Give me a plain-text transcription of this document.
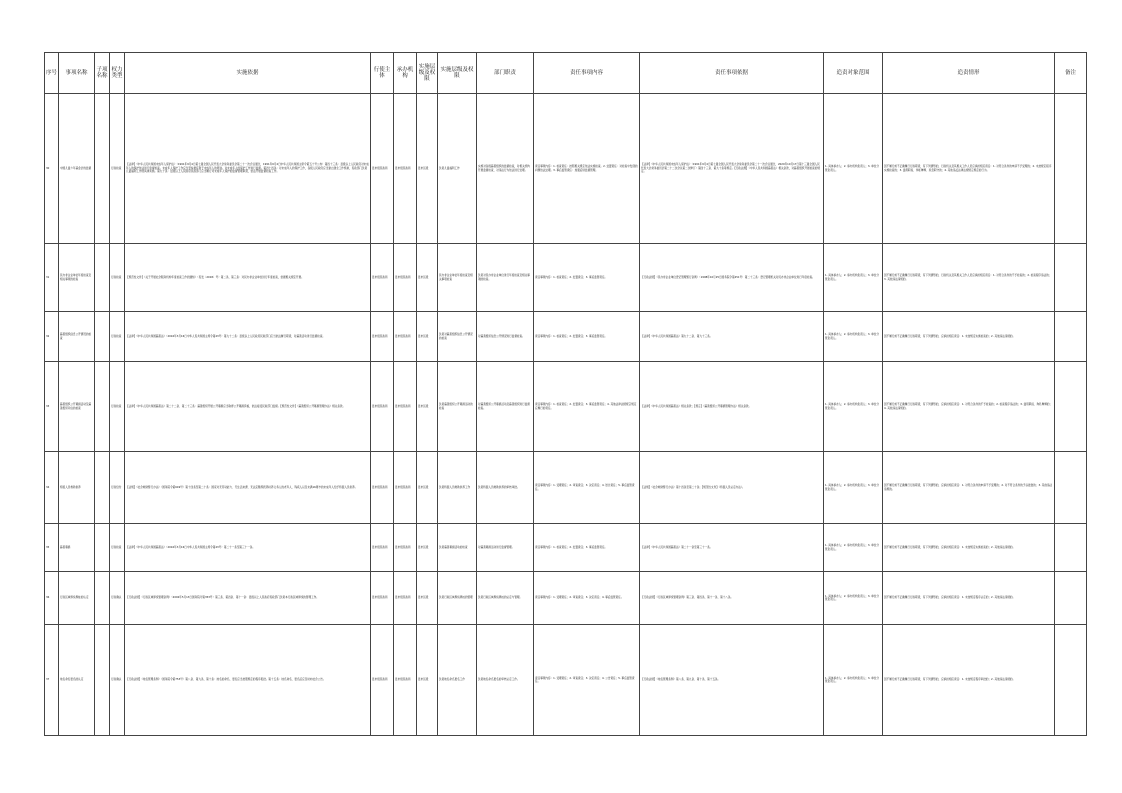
序号	事项名称	子项名称	权力类型	实施依据	行使主体	承办机构	实施层级及权限	实施层级及权限	部门职责	责任事项内容	责任事项依据	追责对象范围	追责情形	备注
30	中国儿童少年基金会的监督		行政检查	【法律】《中华人民共和国未成年人保护法》（1991年9月4日第七届全国人民代表大会常务委员会第二十一次会议通过，1991年9月4日中华人民共和国主席令第五十号公布）第四十三条：县级以上人民政府对未成年人的保护依法进行监督检查。未成年人保护工作应当坚持最有利于未成年人的原则。对未成年人的保护工作进行监督。第四十四条：对未成年人的保护工作，各级人民政府应当建立健全工作机制，民政部门负责儿童福利工作的具体实施。第九十条：县级以上人民政府民政部门应当履行对未成年人保护的监督管理职责，依法开展监督检查工作。	县市级民政局	县市级民政局	县市区级	负责儿童福利工作	实施对各级慈善组织的监督检查，对相关机构开展监督检查，对违法行为依法进行处理。	责任事项内容：1. 检查责任：按照相关规定依法实施检查。2. 处置责任：对检查中发现的问题依法处理。3. 事后监管责任：加强后续监督管理。	【法律】《中华人民共和国未成年人保护法》（1991年9月4日第七届全国人民代表大会常务委员会第二十一次会议通过，2020年10月17日第十三届全国人民代表大会常务委员会第二十二次会议第二次修订）第四十三条、第九十条等规定。【行政法规】《中华人民共和国慈善法》相关条款，对慈善组织开展检查的规定。	1. 具体承办人；2. 承办机构负责人；3. 单位分管负责人。	因不履行或不正确履行行政职责，有下列情形的，行政机关及其相关工作人员应承担相应责任：1. 对符合条件的申请不予受理的；2. 未按规定程序实施检查的；3. 滥用职权、徇私舞弊、玩忽职守的；4. 其他违反法律法规规章规定的行为。	
31	民办非企业单位年度检查及相关事项的检查		行政检查	【规范性文件】《关于开展社会服务机构年度检查工作的通知》（民发〔2018〕号）第二条、第三条：对民办非企业单位进行年度检查，依据相关规定开展。	县市级民政局	县市级民政局	县市区级	民办非企业单位年度检查及相关事项检查	负责对民办非企业单位进行年度检查及相关事项的检查。	责任事项内容：1. 检查责任；2. 处置责任；3. 事后监管责任。	【行政法规】《民办非企业单位登记管理暂行条例》（1998年10月25日国务院令第251号）第二十三条：登记管理机关对民办非企业单位进行年度检查。	1. 具体承办人；2. 承办机构负责人；3. 单位分管负责人。	因不履行或不正确履行行政职责，有下列情形的，行政机关及其相关工作人员应承担相应责任：1. 对符合条件的不予检查的；2. 检查程序违法的；3. 其他违法违规的。	
32	慈善组织信息公开情况的检查		行政检查	【法律】《中华人民共和国慈善法》（2016年3月16日中华人民共和国主席令第43号）第九十二条：县级以上人民政府民政部门应当依法履行职责，对慈善活动进行监督检查。	县市级民政局	县市级民政局	县市区级	负责对慈善组织信息公开情况的检查	对慈善组织信息公开情况进行监督检查。	责任事项内容：1. 检查责任；2. 处置责任；3. 事后监管责任。	【法律】《中华人民共和国慈善法》第九十二条、第九十三条。	1. 具体承办人；2. 承办机构负责人；3. 单位分管负责人。	因不履行或不正确履行行政职责，有下列情形的，应承担相应责任：1. 未按规定实施检查的；2. 其他违法违规的。	
33	慈善组织公开募捐活动及慈善组织评估的检查		行政检查	【法律】《中华人民共和国慈善法》第二十二条、第二十三条：慈善组织开展公开募捐应当取得公开募捐资格，依法接受民政部门监督。【规范性文件】《慈善组织公开募捐管理办法》相关条款。	县市级民政局	县市级民政局	县市区级	负责慈善组织公开募捐活动的检查	对慈善组织公开募捐活动及慈善组织进行监督检查。	责任事项内容：1. 检查责任；2. 处置责任；3. 事后监管责任；4. 其他法律法规规章规定应履行的责任。	【法律】《中华人民共和国慈善法》相关条款；【规章】《慈善组织公开募捐管理办法》相关条款。	1. 具体承办人；2. 承办机构负责人；3. 单位分管负责人。	因不履行或不正确履行行政职责，有下列情形的，应承担相应责任：1. 对符合条件的不予检查的；2. 检查程序违法的；3. 滥用职权、徇私舞弊的；4. 其他违法违规的。	
34	特困人员救助供养		行政给付	【法规】《社会救助暂行办法》（国务院令第649号）第十四条至第二十条：国家对无劳动能力、无生活来源、无法定赡养抚养扶养义务人的老年人、残疾人以及未满16周岁的未成年人给予特困人员供养。	县市级民政局	县市级民政局	县市区级	负责特困人员救助供养工作	负责特困人员救助供养的审核审批。	责任事项内容：1. 受理责任；2. 审查责任；3. 决定责任；4. 送达责任；5. 事后监管责任。	【法规】《社会救助暂行办法》第十四条至第二十条；【规范性文件】《特困人员认定办法》。	1. 具体承办人；2. 承办机构负责人；3. 单位分管负责人。	因不履行或不正确履行行政职责，有下列情形的，应承担相应责任：1. 对符合条件的申请不予受理的；2. 对不符合条件的予以批准的；3. 其他违法违规的。	
35	慈善募捐		行政检查	【法律】《中华人民共和国慈善法》（2016年3月16日中华人民共和国主席令第43号）第二十一条至第三十一条。	县市级民政局	县市级民政局	县市区级	负责慈善募捐活动的检查	对慈善募捐活动进行监督管理。	责任事项内容：1. 检查责任；2. 处置责任；3. 事后监管责任。	【法律】《中华人民共和国慈善法》第二十一条至第三十一条。	1. 具体承办人；2. 承办机构负责人；3. 单位分管负责人。	因不履行或不正确履行行政职责，有下列情形的，应承担相应责任：1. 未按规定实施检查的；2. 其他违法违规的。	
36	行政区域界线界桩的认定		行政确认	【行政法规】《行政区域界线管理条例》（2002年5月13日国务院令第353号）第三条、第四条、第十一条：县级以上人民政府民政部门负责本行政区域界线的管理工作。	县市级民政局	县市级民政局	县市区级	负责行政区域界线界桩的管理	负责行政区域界线界桩的认定与管理。	责任事项内容：1. 受理责任；2. 审查责任；3. 决定责任；4. 事后监管责任。	【行政法规】《行政区域界线管理条例》第三条、第四条、第十一条、第十八条。	1. 具体承办人；2. 承办机构负责人；3. 单位分管负责人。	因不履行或不正确履行行政职责，有下列情形的，应承担相应责任：1. 未按规定程序认定的；2. 其他违法违规的。	
37	地名命名更名的认定		行政确认	【行政法规】《地名管理条例》（国务院令第753号）第八条、第九条、第十条：地名的命名、更名应当按照规定的程序报批。第十五条：地名命名、更名后应及时向社会公告。	县市级民政局	县市级民政局	县市区级	负责地名命名更名工作	负责地名命名更名的审核认定工作。	责任事项内容：1. 受理责任；2. 审查责任；3. 决定责任；4. 公告责任；5. 事后监管责任。	【行政法规】《地名管理条例》第八条、第九条、第十条、第十五条。	1. 具体承办人；2. 承办机构负责人；3. 单位分管负责人。	因不履行或不正确履行行政职责，有下列情形的，应承担相应责任：1. 未按规定程序审批的；2. 其他违法违规的。	
